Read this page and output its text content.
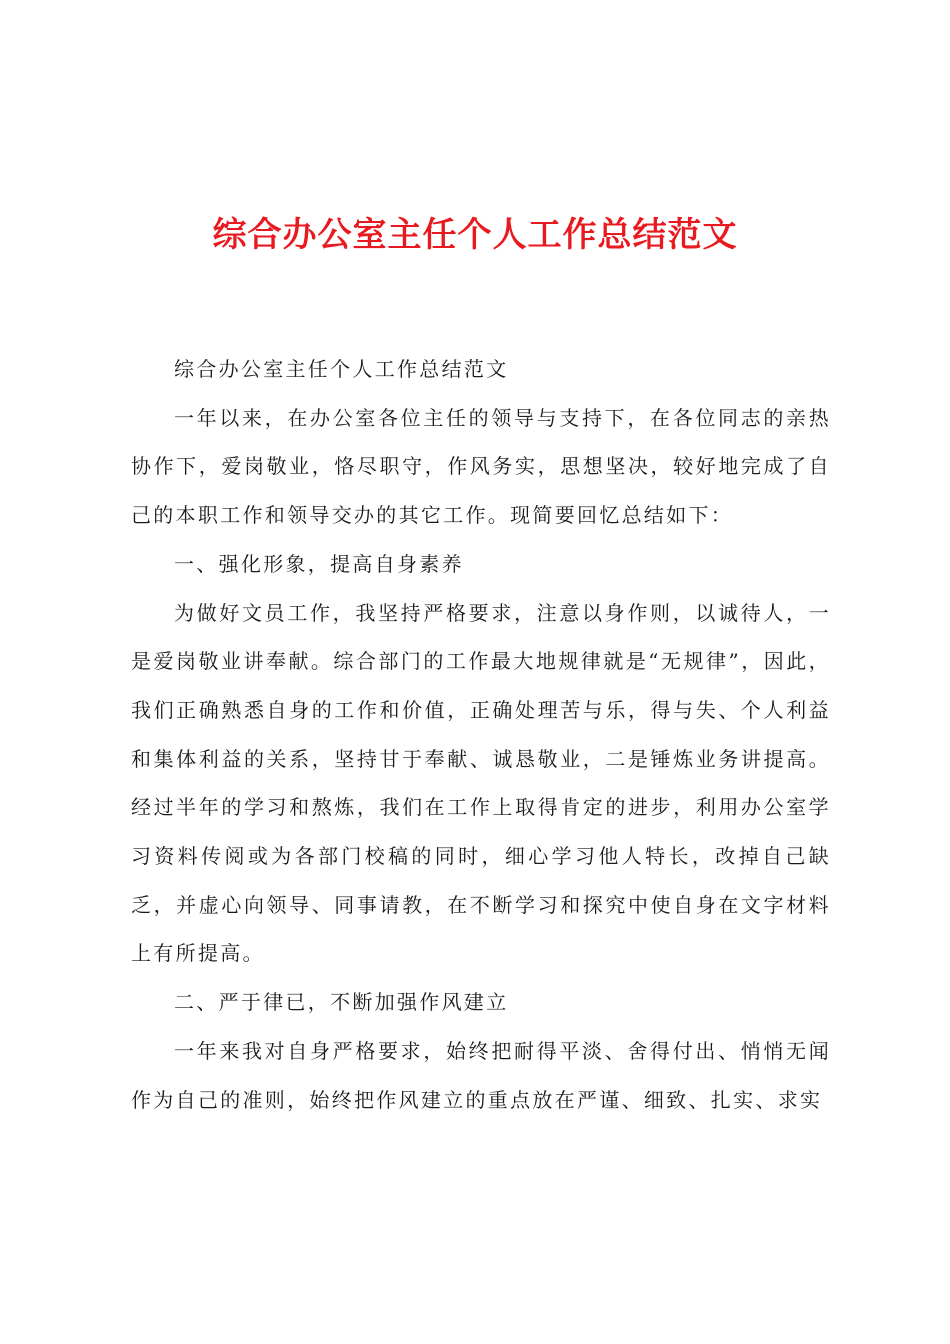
综合办公室主任个人工作总结范文

综合办公室主任个人工作总结范文

一年以来，在办公室各位主任的领导与支持下，在各位同志的亲热协作下，爱岗敬业，恪尽职守，作风务实，思想坚决，较好地完成了自己的本职工作和领导交办的其它工作。现简要回忆总结如下：

一、强化形象，提高自身素养

为做好文员工作，我坚持严格要求，注意以身作则，以诚待人，一是爱岗敬业讲奉献。综合部门的工作最大地规律就是“无规律”，因此，我们正确熟悉自身的工作和价值，正确处理苦与乐，得与失、个人利益和集体利益的关系，坚持甘于奉献、诚恳敬业，二是锤炼业务讲提高。经过半年的学习和熬炼，我们在工作上取得肯定的进步，利用办公室学习资料传阅或为各部门校稿的同时，细心学习他人特长，改掉自己缺乏，并虚心向领导、同事请教，在不断学习和探究中使自身在文字材料上有所提高。

二、严于律已，不断加强作风建立

一年来我对自身严格要求，始终把耐得平淡、舍得付出、悄悄无闻作为自己的准则，始终把作风建立的重点放在严谨、细致、扎实、求实
